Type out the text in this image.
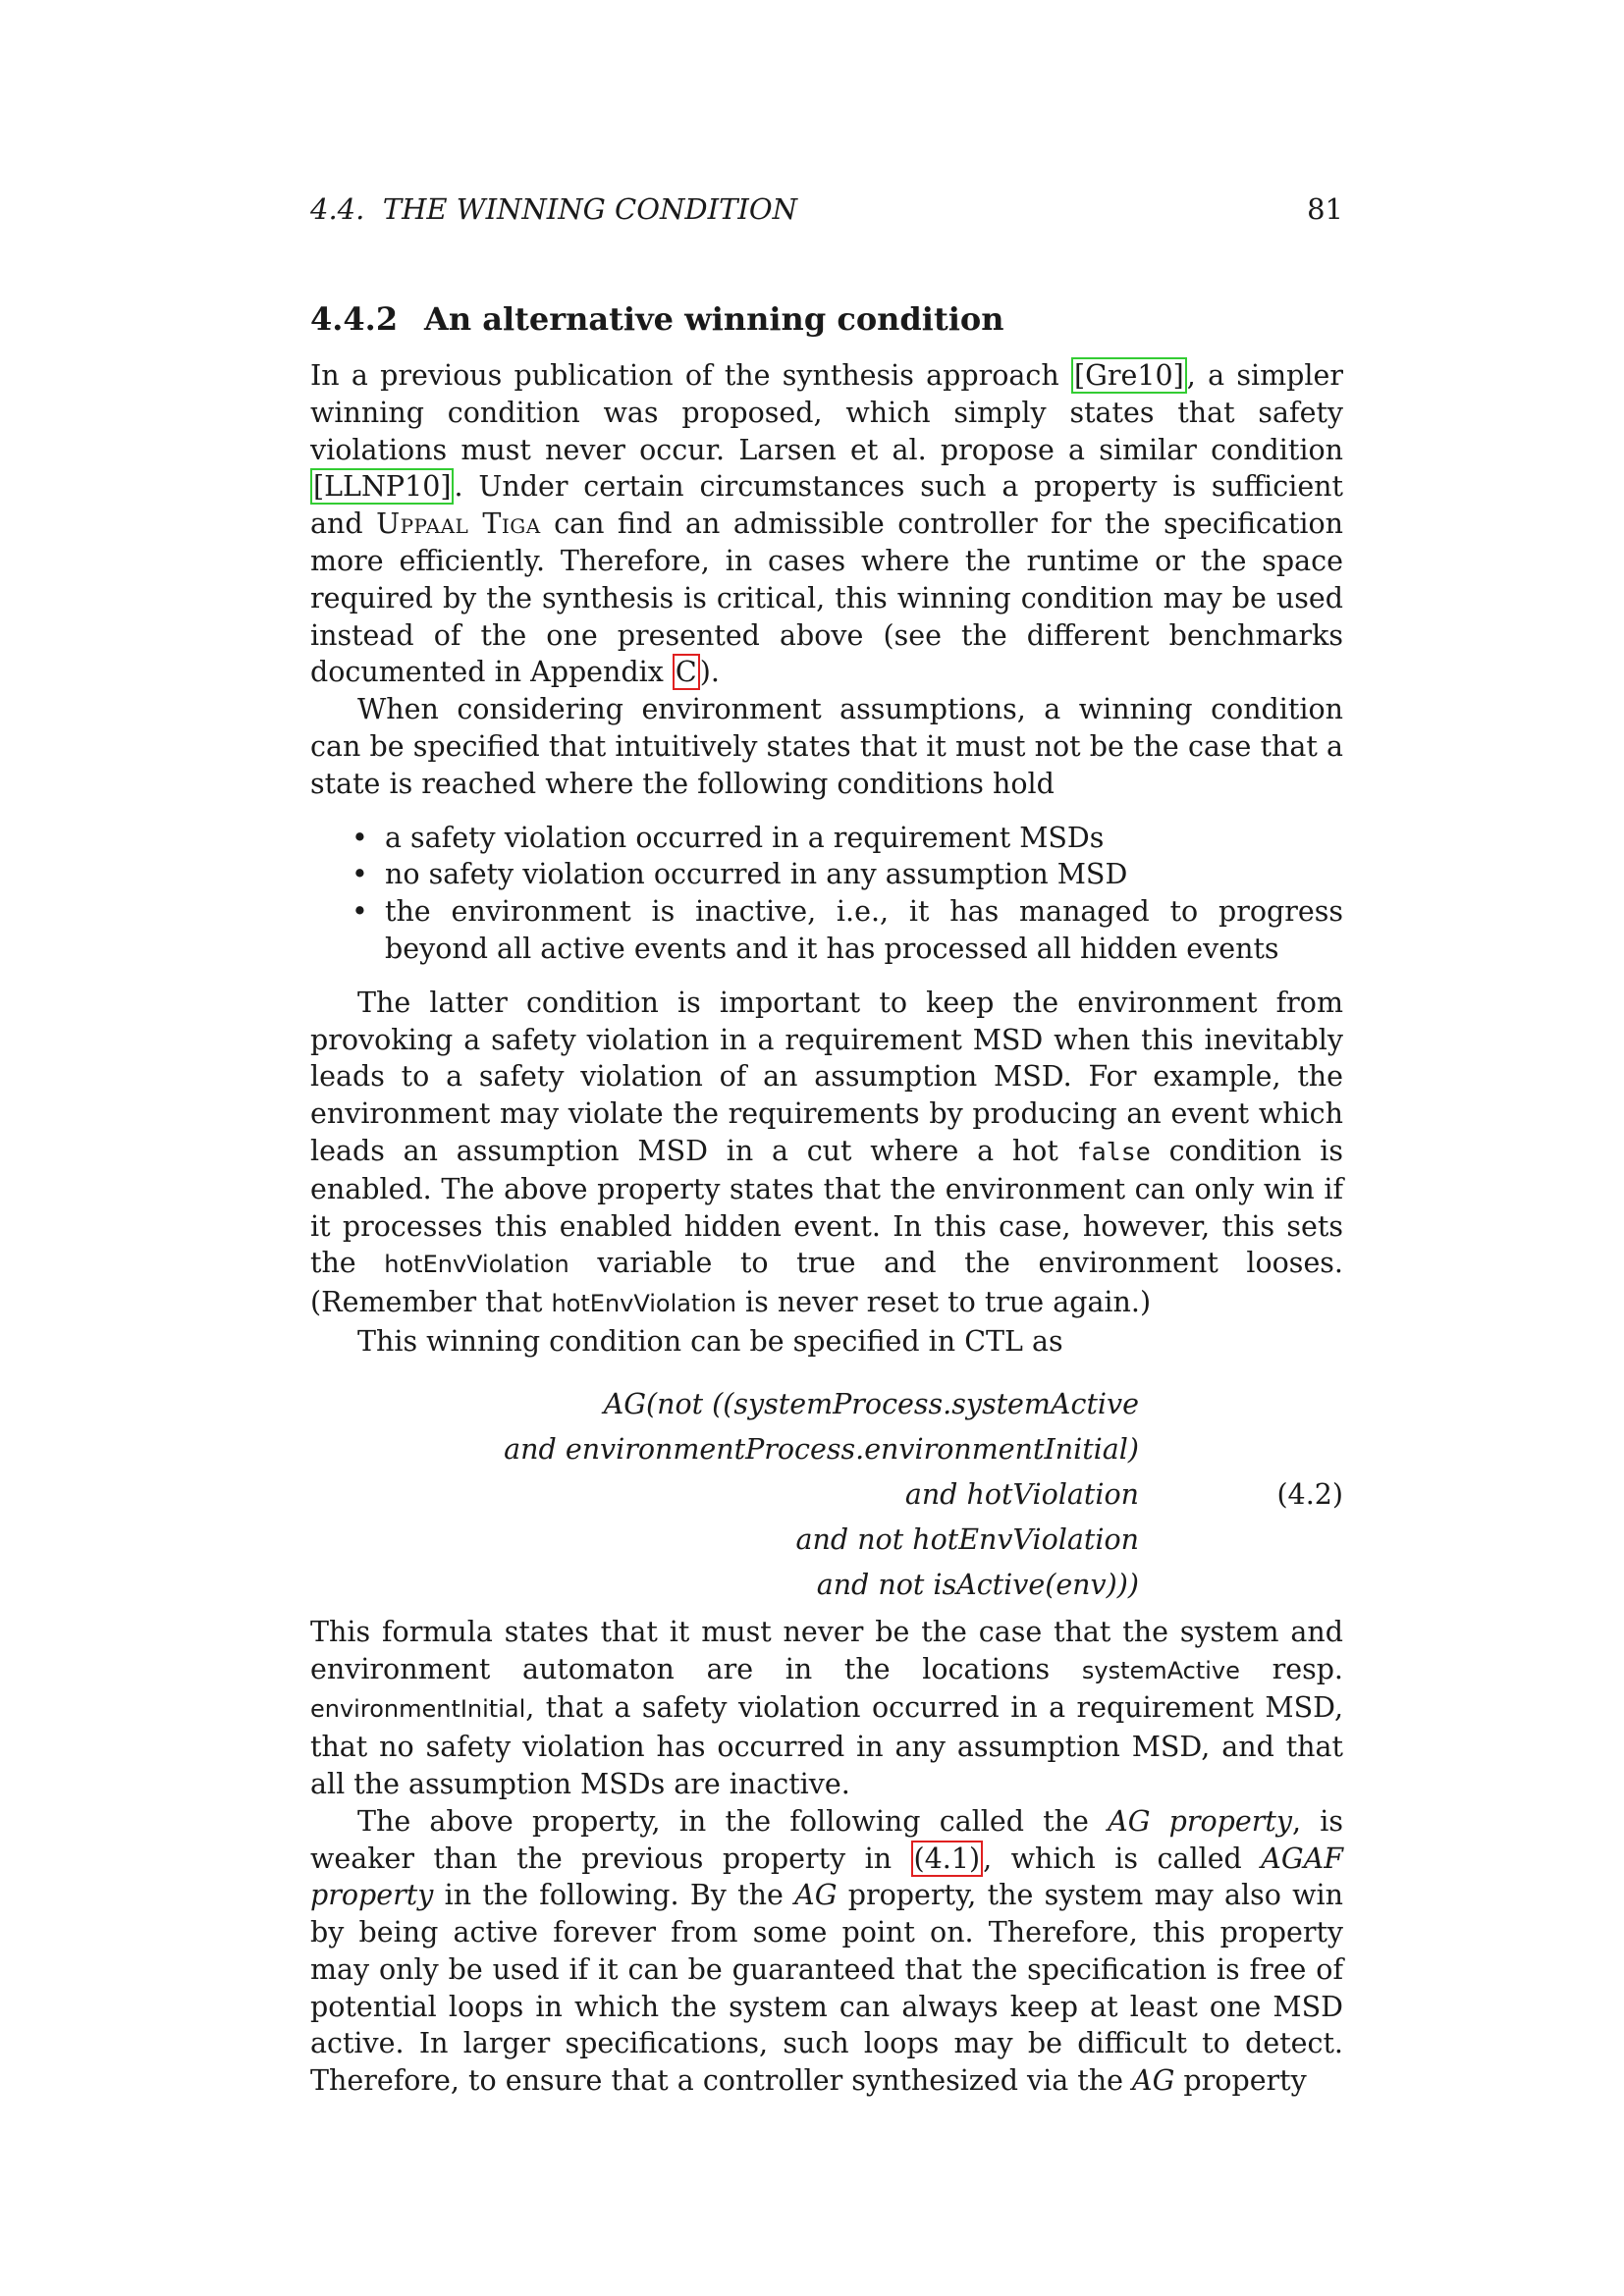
4.4.  THE WINNING CONDITION	81
4.4.2 An alternative winning condition

In a previous publication of the synthesis approach [Gre10] , a simpler winning condition was proposed, which simply states that safety violations must never occur. Larsen et al. propose a similar condition [LLNP10] . Under certain circumstances such a property is sufficient and Uppaal Tiga can find an admissible controller for the specification more efficiently. Therefore, in cases where the runtime or the space required by the synthesis is critical, this winning condition may be used instead of the one presented above (see the different benchmarks documented in Appendix C ).

When considering environment assumptions, a winning condition can be specified that intuitively states that it must not be the case that a state is reached where the following conditions hold

• a safety violation occurred in a requirement MSDs
• no safety violation occurred in any assumption MSD
• the environment is inactive, i.e., it has managed to progress beyond all active events and it has processed all hidden events

The latter condition is important to keep the environment from provoking a safety violation in a requirement MSD when this inevitably leads to a safety violation of an assumption MSD. For example, the environment may violate the requirements by producing an event which leads an assumption MSD in a cut where a hot false condition is enabled. The above property states that the environment can only win if it processes this enabled hidden event. In this case, however, this sets the hotEnvViolation variable to true and the environment looses. (Remember that hotEnvViolation is never reset to true again.)

This winning condition can be specified in CTL as

AG(not ((systemProcess.systemActive
and environmentProcess.environmentInitial)
and hotViolation
and not hotEnvViolation
and not isActive(env)))
(4.2)

This formula states that it must never be the case that the system and environment automaton are in the locations systemActive resp. environmentInitial, that a safety violation occurred in a requirement MSD, that no safety violation has occurred in any assumption MSD, and that all the assumption MSDs are inactive.

The above property, in the following called the AG property, is weaker than the previous property in (4.1) , which is called AGAF property in the following. By the AG property, the system may also win by being active forever from some point on. Therefore, this property may only be used if it can be guaranteed that the specification is free of potential loops in which the system can always keep at least one MSD active. In larger specifications, such loops may be difficult to detect. Therefore, to ensure that a controller synthesized via the AG property
